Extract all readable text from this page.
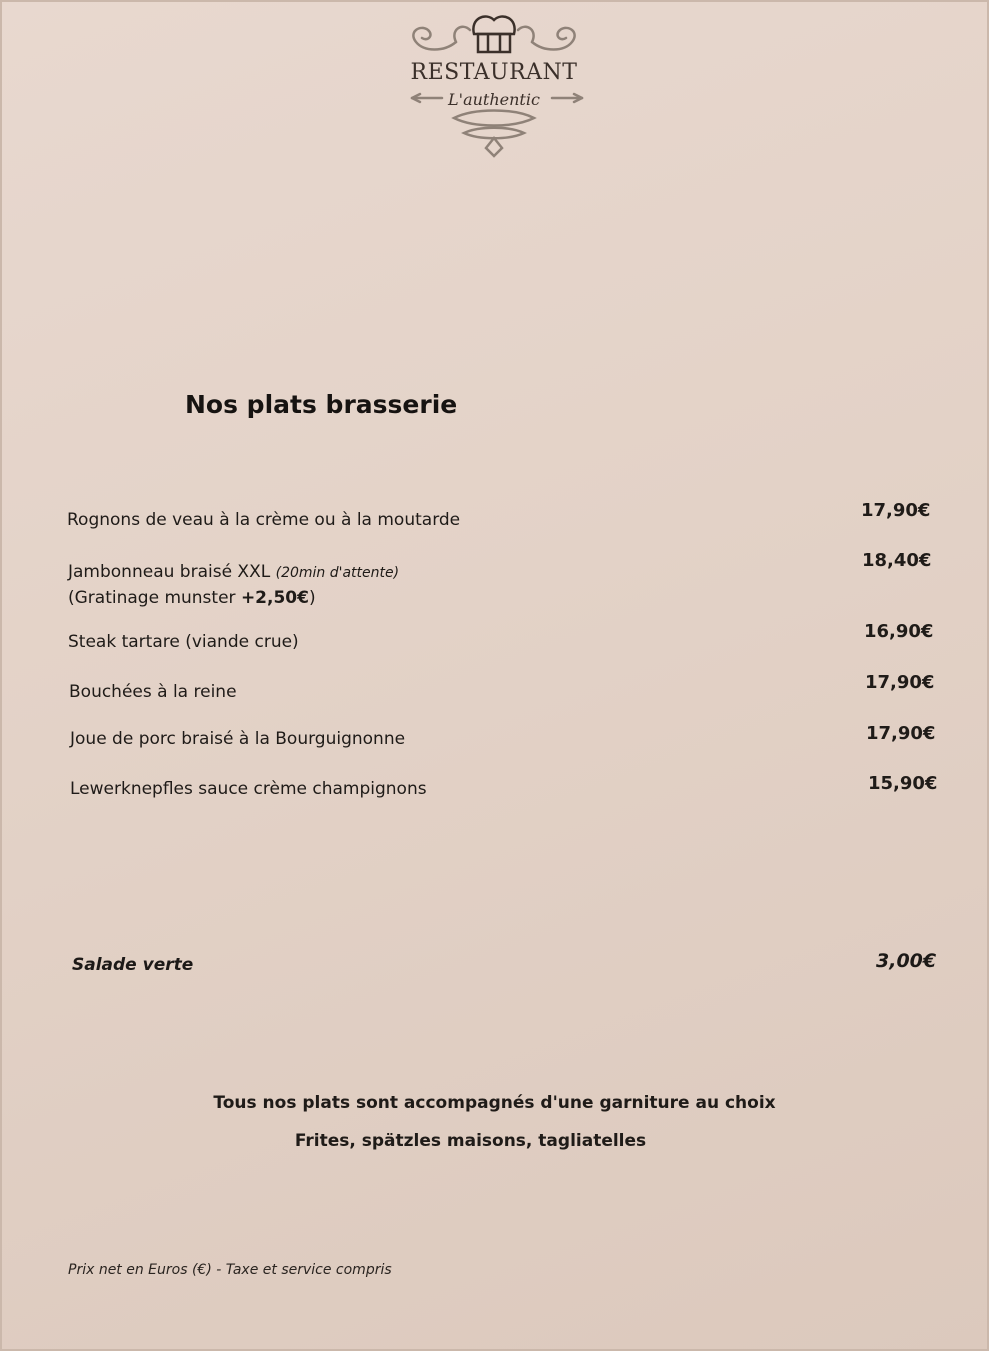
RESTAURANT
L'authentic
Nos plats brasserie
Rognons de veau à la crème ou à la moutarde	17,90€
Jambonneau braisé XXL (20min d'attente)
(Gratinage munster +2,50€)
18,40€
Steak tartare (viande crue)	16,90€
Bouchées à la reine	17,90€
Joue de porc braisé à la Bourguignonne	17,90€
Lewerknepfles sauce crème champignons	15,90€
Salade verte	3,00€
Tous nos plats sont accompagnés d'une garniture au choix
Frites, spätzles maisons, tagliatelles
Prix net en Euros (€) - Taxe et service compris
